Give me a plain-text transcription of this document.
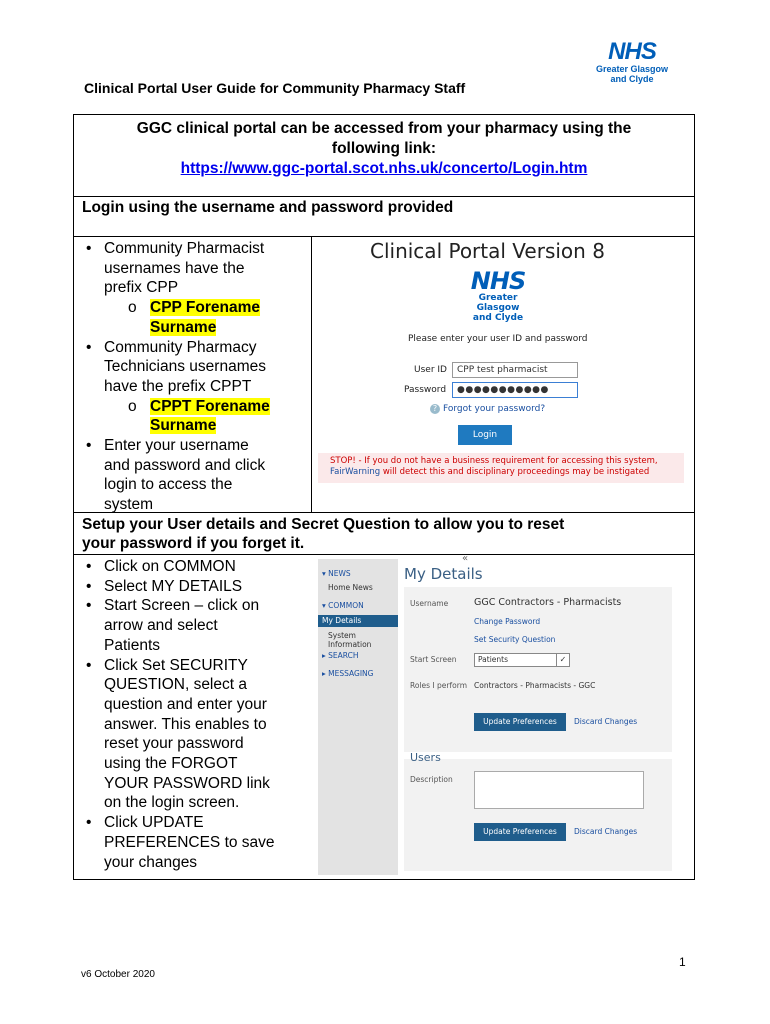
Clinical Portal User Guide for Community Pharmacy Staff
NHS
Greater Glasgow
and Clyde
GGC clinical portal can be accessed from your pharmacy using the
following link:
https://www.ggc-portal.scot.nhs.uk/concerto/Login.htm
Login using the username and password provided
• Community Pharmacist
usernames have the
prefix CPP
o CPP Forename
Surname
• Community Pharmacy
Technicians usernames
have the prefix CPPT
o CPPT Forename
Surname
• Enter your username
and password and click
login to access the
system
Clinical Portal Version 8
NHS
Greater Glasgow
and Clyde
Please enter your user ID and password
User ID	CPP test pharmacist
Password	●●●●●●●●●●●
? Forgot your password?
Login
STOP! - If you do not have a business requirement for accessing this system,
FairWarning will detect this and disciplinary proceedings may be instigated
Setup your User details and Secret Question to allow you to reset
your password if you forget it.
• Click on COMMON
• Select MY DETAILS
• Start Screen – click on
arrow and select
Patients
• Click Set SECURITY
QUESTION, select a
question and enter your
answer. This enables to
reset your password
using the FORGOT
YOUR PASSWORD link
on the login screen.
• Click UPDATE
PREFERENCES to save
your changes
▾ NEWS
Home News
▾ COMMON
My Details
System Information
▸ SEARCH
▸ MESSAGING
«
My Details
Username	GGC Contractors - Pharmacists
Change Password
Set Security Question
Start Screen	Patients	✓
Roles I perform Contractors - Pharmacists - GGC
Update Preferences	Discard Changes
Users
Description
Update Preferences	Discard Changes
1
v6 October 2020
